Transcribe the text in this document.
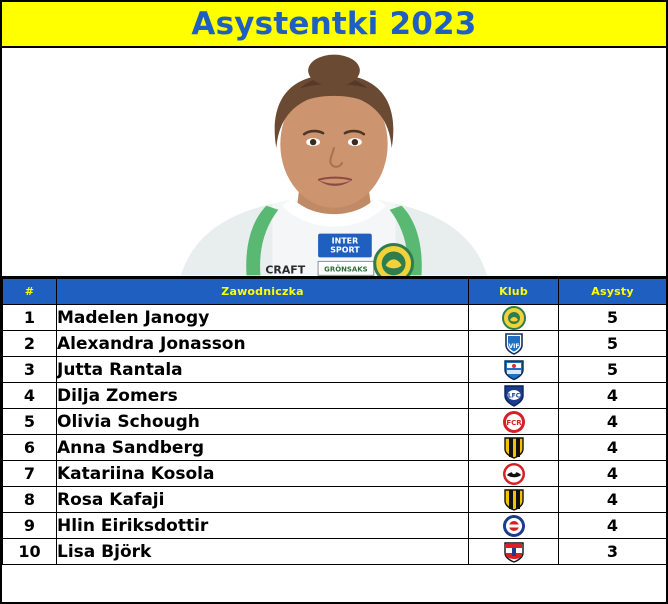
Asystentki 2023
INTER
SPORT
CRAFT	GRÖNSAKS
#	Zawodniczka	Klub	Asysty
1	Madelen Janogy		5
2	Alexandra Jonasson	VIF	5
3	Jutta Rantala		5
4	Dilja Zomers	LFC	4
5	Olivia Schough	FCR	4
6	Anna Sandberg		4
7	Katariina Kosola		4
8	Rosa Kafaji		4
9	Hlin Eiriksdottir		4
10	Lisa Björk		3
